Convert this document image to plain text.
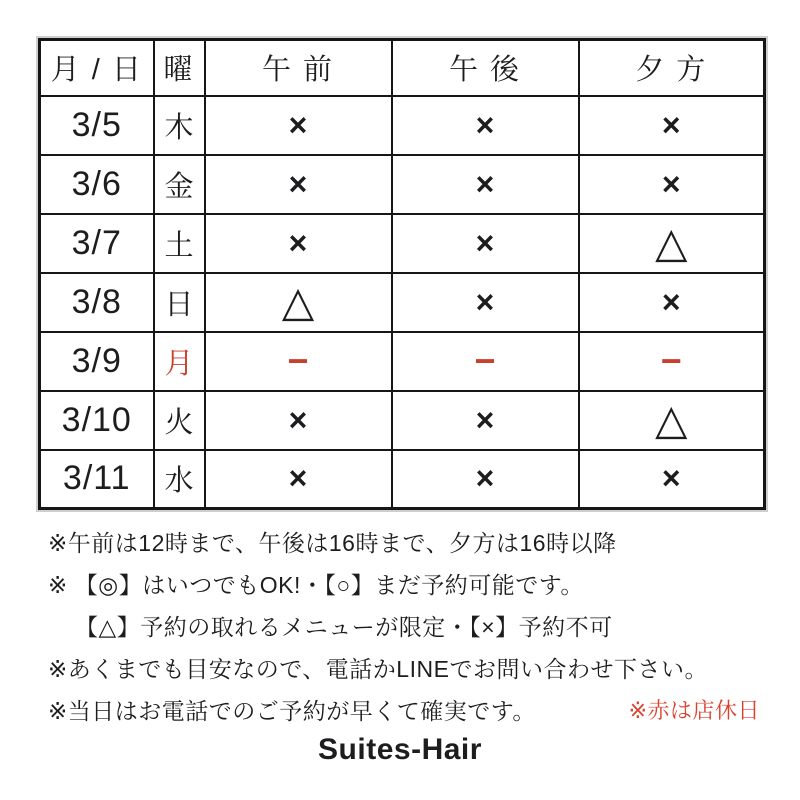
月 / 日	曜	午 前	午 後	夕 方
3/5	木	×	×	×
3/6	金	×	×	×
3/7	土	×	×	△
3/8	日	△	×	×
3/9	月	−	−	−
3/10	火	×	×	△
3/11	水	×	×	×
※午前は12時まで、午後は16時まで、夕方は16時以降
※ 【◎】はいつでもOK!・【○】まだ予約可能です。
【△】予約の取れるメニューが限定・【×】予約不可
※あくまでも目安なので、電話かLINEでお問い合わせ下さい。
※当日はお電話でのご予約が早くて確実です。	※赤は店休日
Suites-Hair
